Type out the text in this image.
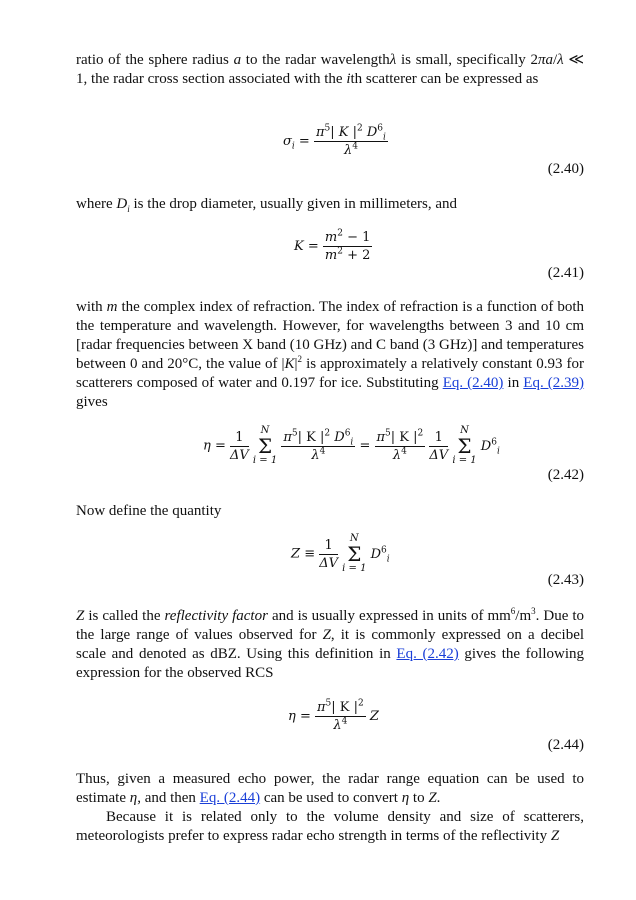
ratio of the sphere radius a to the radar wavelengthλ is small, specifically 2πa/λ ≪ 1, the radar cross section associated with the ith scatterer can be expressed as

$\sigma_i = \frac{\pi^5| K |^2 D^6_i}{\lambda^4}$
(2.40)

where $D_i$ is the drop diameter, usually given in millimeters, and

$K = \frac{m^2 - 1}{m^2 + 2}$
(2.41)

with m the complex index of refraction. The index of refraction is a function of both the temperature and wavelength. However, for wavelengths between 3 and 10 cm [radar frequencies between X band (10 GHz) and C band (3 GHz)] and temperatures between 0 and 20°C, the value of $|K|^2$ is approximately a relatively constant 0.93 for scatterers composed of water and 0.197 for ice. Substituting Eq. (2.40) in Eq. (2.39) gives

$\eta = \frac{1}{\Delta V}$ N
Σ
$i = 1 \frac{\pi^5| K |^2 D^6_i}{\lambda^4} = \frac{\pi^5| K |^2}{\lambda^4}$
$\frac{1}{\Delta V}$ N
Σ
i = 1 $D^6_i$
(2.42)

Now define the quantity

$Z \equiv \frac{1}{\Delta V}$ N
Σ
i = 1 $D^6_i$
(2.43)

Z is called the reflectivity factor and is usually expressed in units of $mm^6/m^3$. Due to the large range of values observed for Z, it is commonly expressed on a decibel scale and denoted as dBZ. Using this definition in Eq. (2.42) gives the following expression for the observed RCS

$\eta = \frac{\pi^5| K |^2}{\lambda^4}$ Z
(2.44)

Thus, given a measured echo power, the radar range equation can be used to estimate η, and then Eq. (2.44) can be used to convert η to Z.

Because it is related only to the volume density and size of scatterers, meteorologists prefer to express radar echo strength in terms of the reflectivity Z
